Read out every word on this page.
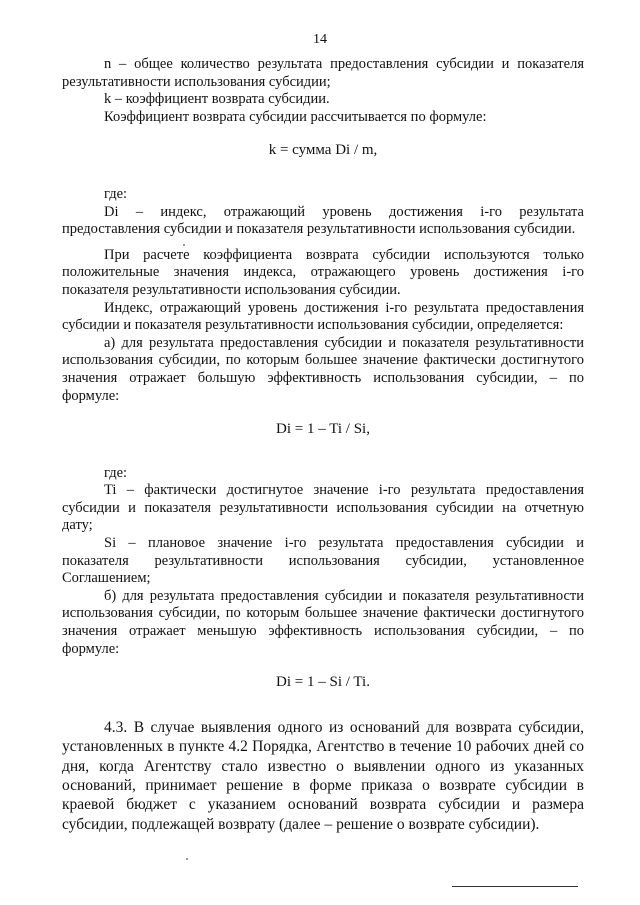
14

n – общее количество результата предоставления субсидии и показателя результативности использования субсидии;

k – коэффициент возврата субсидии.

Коэффициент возврата субсидии рассчитывается по формуле:

k = сумма Di / m,

где:

Di – индекс, отражающий уровень достижения i-го результата предоставления субсидии и показателя результативности использования субсидии.

При расчете коэффициента возврата субсидии используются только положительные значения индекса, отражающего уровень достижения i-го показателя результативности использования субсидии.

Индекс, отражающий уровень достижения i-го результата предоставления субсидии и показателя результативности использования субсидии, определяется:

а) для результата предоставления субсидии и показателя результативности использования субсидии, по которым большее значение фактически достигнутого значения отражает большую эффективность использования субсидии, – по формуле:

Di = 1 – Ti / Si,

где:

Ti – фактически достигнутое значение i-го результата предоставления субсидии и показателя результативности использования субсидии на отчетную дату;

Si – плановое значение i-го результата предоставления субсидии и показателя результативности использования субсидии, установленное Соглашением;

б) для результата предоставления субсидии и показателя результативности использования субсидии, по которым большее значение фактически достигнутого значения отражает меньшую эффективность использования субсидии, – по формуле:

Di = 1 – Si / Ti.

4.3. В случае выявления одного из оснований для возврата субсидии, установленных в пункте 4.2 Порядка, Агентство в течение 10 рабочих дней со дня, когда Агентству стало известно о выявлении одного из указанных оснований, принимает решение в форме приказа о возврате субсидии в краевой бюджет с указанием оснований возврата субсидии и размера субсидии, подлежащей возврату (далее – решение о возврате субсидии).
